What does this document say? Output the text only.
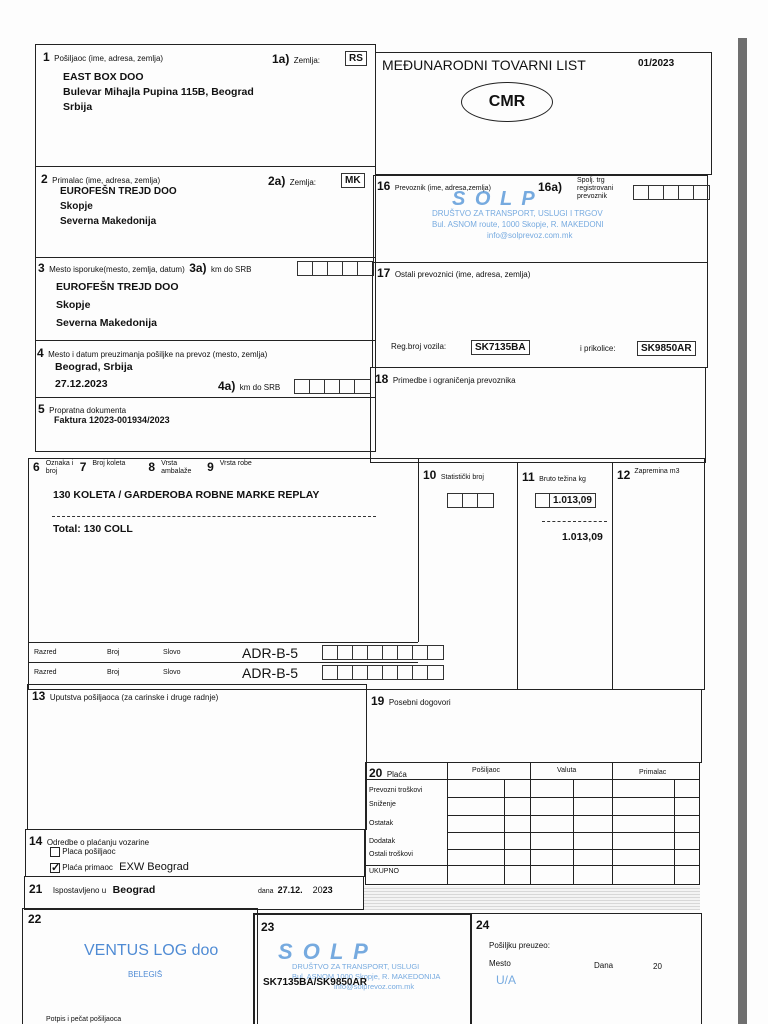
1 Pošiljaoc (ime, adresa, zemlja)	1a) Zemlja:	RS
EAST BOX DOO
Bulevar Mihajla Pupina 115B, Beograd
Srbija
2 Primalac (ime, adresa, zemlja)	2a) Zemlja:	MK
EUROFEŠN TREJD DOO
Skopje
Severna Makedonija
3 Mesto isporuke(mesto, zemlja, datum) 3a) km do SRB
EUROFEŠN TREJD DOO
Skopje
Severna Makedonija
4 Mesto i datum preuzimanja pošiljke na prevoz (mesto, zemlja)
Beograd, Srbija
27.12.2023	4a) km do SRB
5 Propratna dokumenta
Faktura 12023-001934/2023
MEĐUNARODNI TOVARNI LIST	01/2023
CMR
16 Prevoznik (ime, adresa,zemlja)	16a) Spolj. trg registrovani prevoznik
S O L P
DRUŠTVO ZA TRANSPORT, USLUGI I TRGOV
Bul. ASNOM route, 1000 Skopje, R. MAKEDONI
info@solprevoz.com.mk
17 Ostali prevoznici (ime, adresa, zemlja)
Reg.broj vozila:	SK7135BA	i prikolice:	SK9850AR
18 Primedbe i ograničenja prevoznika
6 Oznaka i broj	7 Broj koleta	8 Vrsta ambalaže	9 Vrsta robe
10 Statistički broj	11 Bruto težina kg	12 Zapremina m3
130 KOLETA / GARDEROBA ROBNE MARKE REPLAY
Total: 130 COLL
1.013,09
1.013,09
Razred	Broj	Slovo	ADR-B-5
Razred	Broj	Slovo	ADR-B-5
13 Uputstva pošiljaoca (za carinske i druge radnje)	19 Posebni dogovori
20 Plaća	Pošiljaoc	Valuta	Primalac
Prevozni troškovi
Sniženje
Ostatak
Dodatak
Ostali troškovi
UKUPNO
14 Odredbe o plaćanju vozarine
Placa pošiljaoc
✓ Plaća primaoc EXW Beograd
21 Ispostavljeno u Beograd	dana 27.12. 20 23
22
VENTUS LOG doo
BELEGIŠ
Potpis i pečat pošiljaoca
23
S O L P
DRUŠTVO ZA TRANSPORT, USLUGI
Bul. ASNOM 1000 Skopje, R. MAKEDONIJA
info@solprevoz.com.mk
SK7135BA/SK9850AR
24
Pošiljku preuzeo:
Mesto	Dana	20
U/A
